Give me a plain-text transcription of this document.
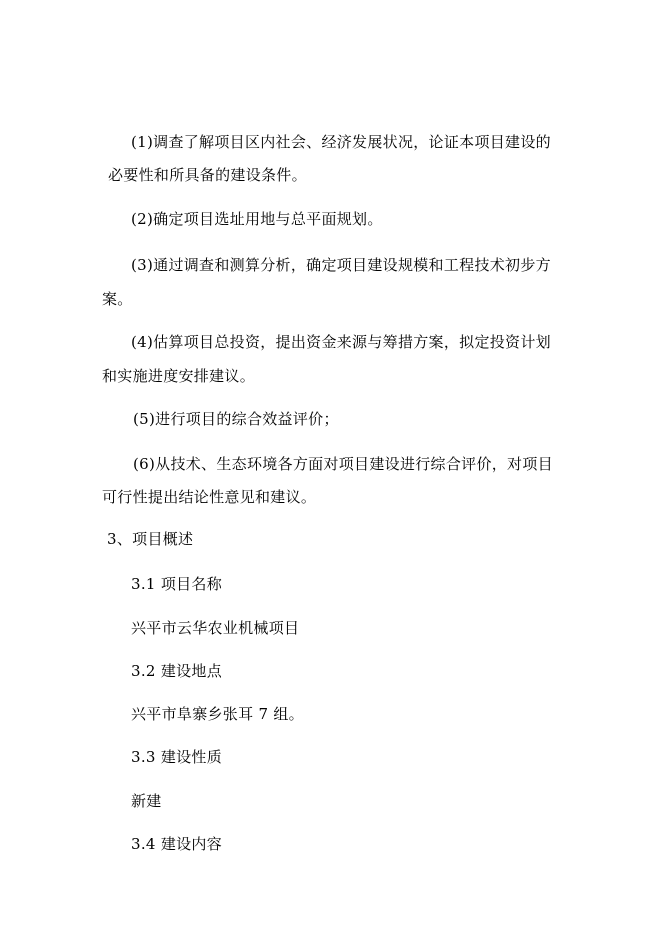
(1)调查了解项目区内社会、经济发展状况，论证本项目建设的
必要性和所具备的建设条件。
(2)确定项目选址用地与总平面规划。
(3)通过调查和测算分析，确定项目建设规模和工程技术初步方
案。
(4)估算项目总投资，提出资金来源与筹措方案，拟定投资计划
和实施进度安排建议。
(5)进行项目的综合效益评价；
(6)从技术、生态环境各方面对项目建设进行综合评价，对项目
可行性提出结论性意见和建议。
3、项目概述
3.1 项目名称
兴平市云华农业机械项目
3.2 建设地点
兴平市阜寨乡张耳 7 组。
3.3 建设性质
新建
3.4 建设内容
